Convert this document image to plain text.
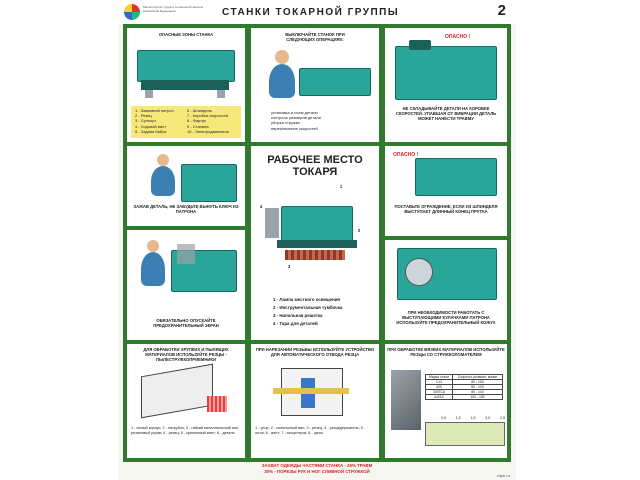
Министерство труда и социальной защиты Российской Федерации	СТАНКИ ТОКАРНОЙ ГРУППЫ	2
ОПАСНЫЕ ЗОНЫ СТАНКА
1 - Зажимной патрон
2 - Резец
3 - Суппорт
4 - Ходовой винт
5 - Задняя бабка
6 - Шпиндель
7 - Коробка скоростей
8 - Фартук
9 - Станина
10 - Электродвигатель
ВЫКЛЮЧАЙТЕ СТАНОК ПРИ СЛЕДУЮЩИХ ОПЕРАЦИЯХ:
установка и съем детали
контроль размеров детали
уборка стружки
переключение скоростей
ОПАСНО !
НЕ СКЛАДЫВАЙТЕ ДЕТАЛИ НА КОРОБКЕ СКОРОСТЕЙ. УПАВШАЯ ОТ ВИБРАЦИИ ДЕТАЛЬ МОЖЕТ НАНЕСТИ ТРАВМУ
ЗАЖАВ ДЕТАЛЬ, НЕ ЗАБУДЬТЕ ВЫНУТЬ КЛЮЧ ИЗ ПАТРОНА
ОБЯЗАТЕЛЬНО ОПУСКАЙТЕ ПРЕДОХРАНИТЕЛЬНЫЙ ЭКРАН
РАБОЧЕЕ МЕСТО ТОКАРЯ
1
2
3
4
1 - Лампа местного освещения
2 - Инструментальная тумбочка
3 - Напольная решетка
4 - Тара для деталей
ОПАСНО !
ПОСТАВЬТЕ ОГРАЖДЕНИЕ, ЕСЛИ ИЗ ШПИНДЕЛЯ ВЫСТУПАЕТ ДЛИННЫЙ КОНЕЦ ПРУТКА
ПРИ НЕОБХОДИМОСТИ РАБОТАТЬ С ВЫСТУПАЮЩИМИ КУЛАЧКАМИ ПАТРОНА ИСПОЛЬЗУЙТЕ ПРЕДОХРАНИТЕЛЬНЫЙ КОЖУХ
ДЛЯ ОБРАБОТКИ ХРУПКИХ И ПЫЛЯЩИХ МАТЕРИАЛОВ ИСПОЛЬЗУЙТЕ РЕЗЦЫ - ПЫЛЕСТРУЖКОПРИЕМНИКИ
1 - полый корпус; 2 - патрубок; 3 - гибкий металлический или резиновый рукав; 4 - резец; 5 - крепежный винт; 6 - деталь
ПРИ НАРЕЗАНИИ РЕЗЬБЫ ИСПОЛЬЗУЙТЕ УСТРОЙСТВО ДЛЯ АВТОМАТИЧЕСКОГО ОТВОДА РЕЗЦА
1 - упор; 2 - коленчатый вал; 3 - резец; 4 - резцедержатель; 5 - шток; 6 - винт; 7 - эксцентрик; 8 - щеки
ПРИ ОБРАБОТКЕ ВЯЗКИХ МАТЕРИАЛОВ ИСПОЛЬЗУЙТЕ РЕЗЦЫ СО СТРУЖКОЛОМАТЕЛЕМ
Марка стали	Скорость резания, м/мин
Ст3	80 - 160
40Х	60 - 120
30ХГСА	80 - 140
ШХ15	100 - 150
0,5	1,0	1,5	2,0	2,5
ЗАХВАТ ОДЕЖДЫ ЧАСТЯМИ СТАНКА - 25% ТРАВМ
30% - ПОРЕЗЫ РУК И НОГ СЛИВНОЙ СТРУЖКОЙ
cdpk.ru
